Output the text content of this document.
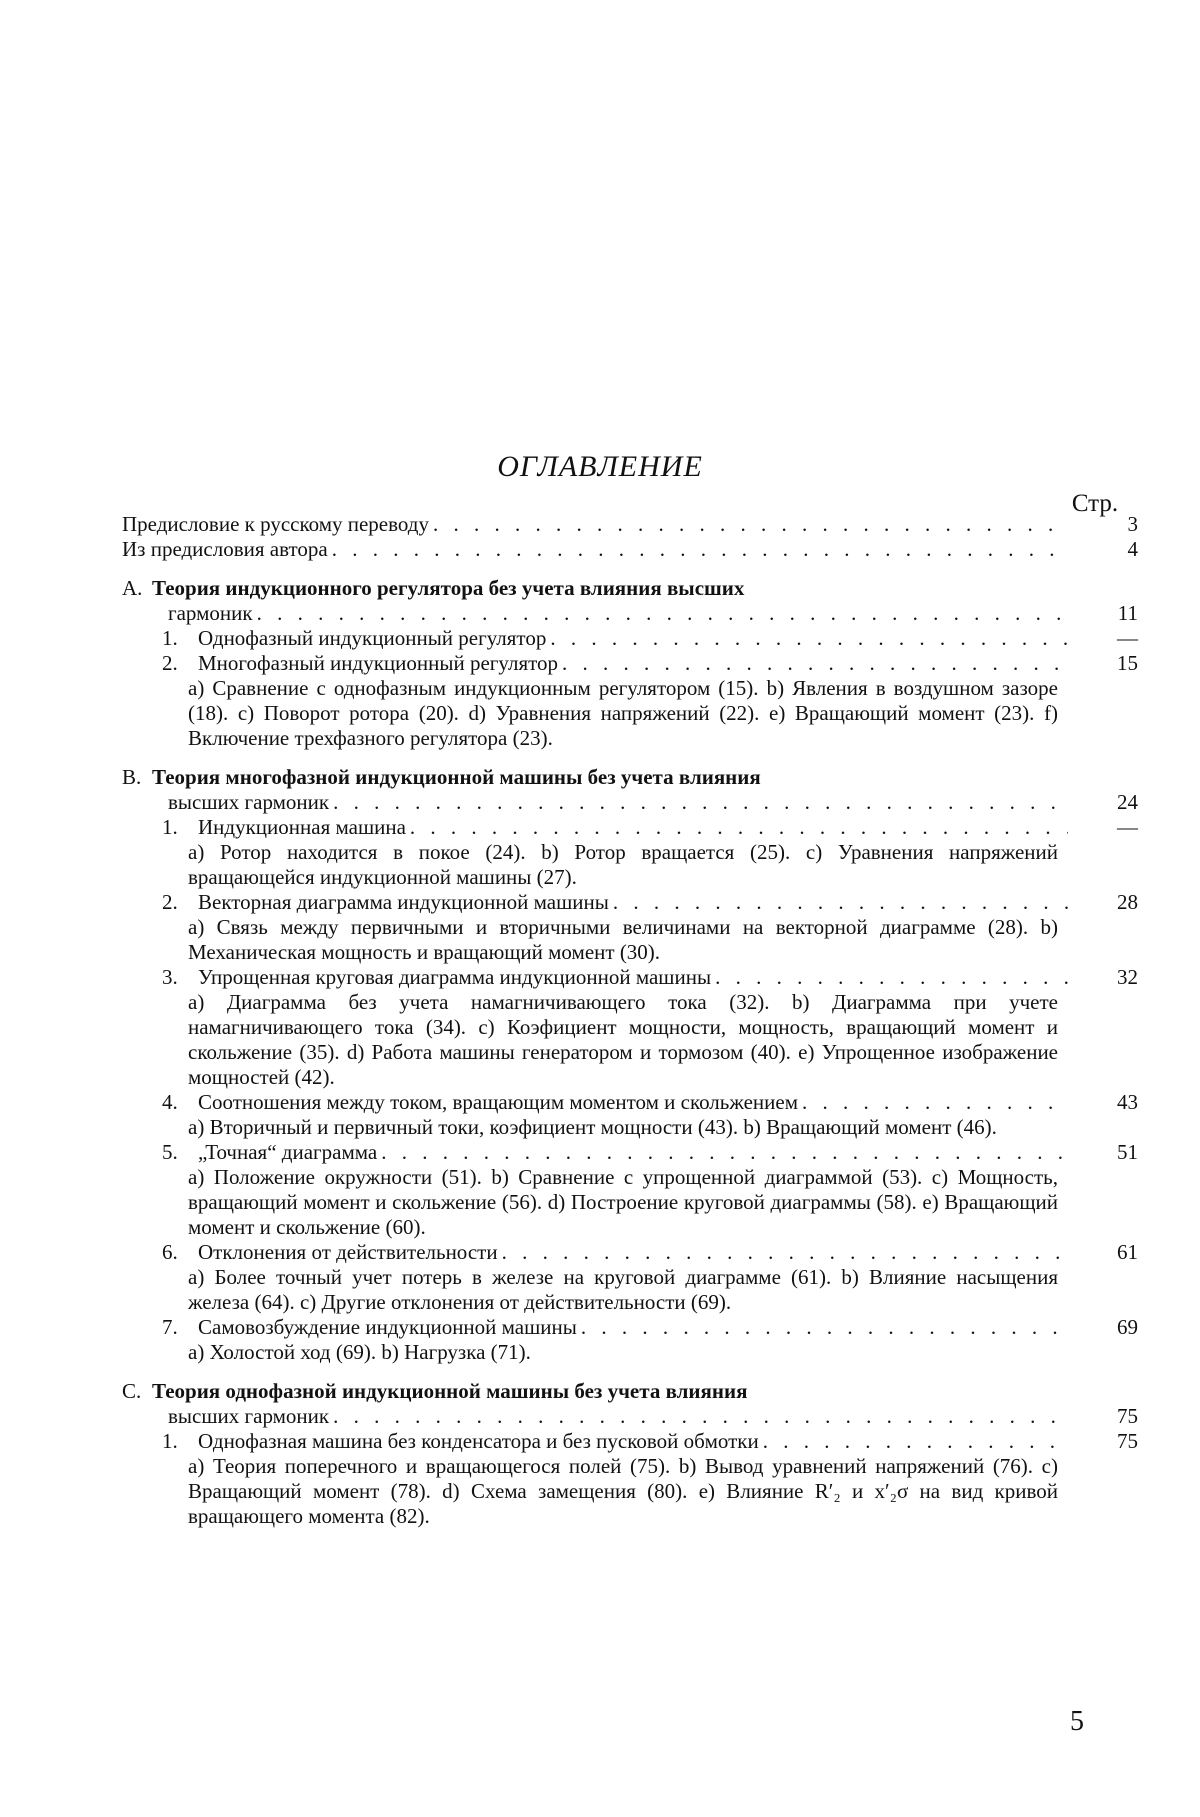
ОГЛАВЛЕНИЕ
Стр.
Предисловие к русскому переводу . . .	3
Из предисловия автора . . .	4
А. Теория индукционного регулятора без учета влияния высших
гармоник . . .	11
1. Однофазный индукционный регулятор . . .	—
2. Многофазный индукционный регулятор . . .	15
а) Сравнение с однофазным индукционным регулятором (15). b) Явления в воздушном зазоре (18). с) Поворот ротора (20). d) Уравнения напряжений (22). е) Вращающий момент (23). f) Включение трехфазного регулятора (23).
В. Теория многофазной индукционной машины без учета влияния
высших гармоник . . .	24
1. Индукционная машина . . .	—
а) Ротор находится в покое (24). b) Ротор вращается (25). с) Уравнения напряжений вращающейся индукционной машины (27).
2. Векторная диаграмма индукционной машины . . .	28
а) Связь между первичными и вторичными величинами на векторной диаграмме (28). b) Механическая мощность и вращающий момент (30).
3. Упрощенная круговая диаграмма индукционной машины . . .	32
а) Диаграмма без учета намагничивающего тока (32). b) Диаграмма при учете намагничивающего тока (34). с) Коэфициент мощности, мощность, вращающий момент и скольжение (35). d) Работа машины генератором и тормозом (40). е) Упрощенное изображение мощностей (42).
4. Соотношения между током, вращающим моментом и скольжением . . .	43
а) Вторичный и первичный токи, коэфициент мощности (43). b) Вращающий момент (46).
5. „Точная“ диаграмма . . .	51
а) Положение окружности (51). b) Сравнение с упрощенной диаграммой (53). с) Мощность, вращающий момент и скольжение (56). d) Построение круговой диаграммы (58). е) Вращающий момент и скольжение (60).
6. Отклонения от действительности . . .	61
а) Более точный учет потерь в железе на круговой диаграмме (61). b) Влияние насыщения железа (64). с) Другие отклонения от действительности (69).
7. Самовозбуждение индукционной машины . . .	69
а) Холостой ход (69). b) Нагрузка (71).
С. Теория однофазной индукционной машины без учета влияния
высших гармоник . . .	75
1. Однофазная машина без конденсатора и без пусковой обмотки . . .	75
а) Теория поперечного и вращающегося полей (75). b) Вывод уравнений напряжений (76). с) Вращающий момент (78). d) Схема замещения (80). е) Влияние R′₂ и x′₂σ на вид кривой вращающего момента (82).
5
